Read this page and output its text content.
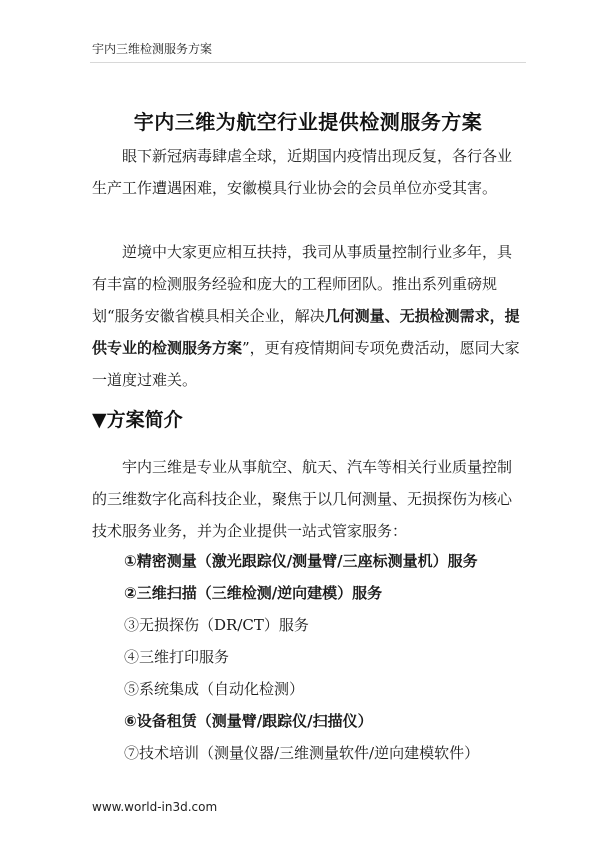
宇内三维检测服务方案
宇内三维为航空行业提供检测服务方案

眼下新冠病毒肆虐全球，近期国内疫情出现反复，各行各业生产工作遭遇困难，安徽模具行业协会的会员单位亦受其害。

逆境中大家更应相互扶持，我司从事质量控制行业多年，具有丰富的检测服务经验和庞大的工程师团队。推出系列重磅规划“服务安徽省模具相关企业，解决几何测量、无损检测需求，提供专业的检测服务方案”，更有疫情期间专项免费活动，愿同大家一道度过难关。

▼方案简介

宇内三维是专业从事航空、航天、汽车等相关行业质量控制的三维数字化高科技企业，聚焦于以几何测量、无损探伤为核心技术服务业务，并为企业提供一站式管家服务：

①精密测量（激光跟踪仪/测量臂/三座标测量机）服务
②三维扫描（三维检测/逆向建模）服务
③无损探伤（DR/CT）服务
④三维打印服务
⑤系统集成（自动化检测）
⑥设备租赁（测量臂/跟踪仪/扫描仪）
⑦技术培训（测量仪器/三维测量软件/逆向建模软件）
www.world-in3d.com
